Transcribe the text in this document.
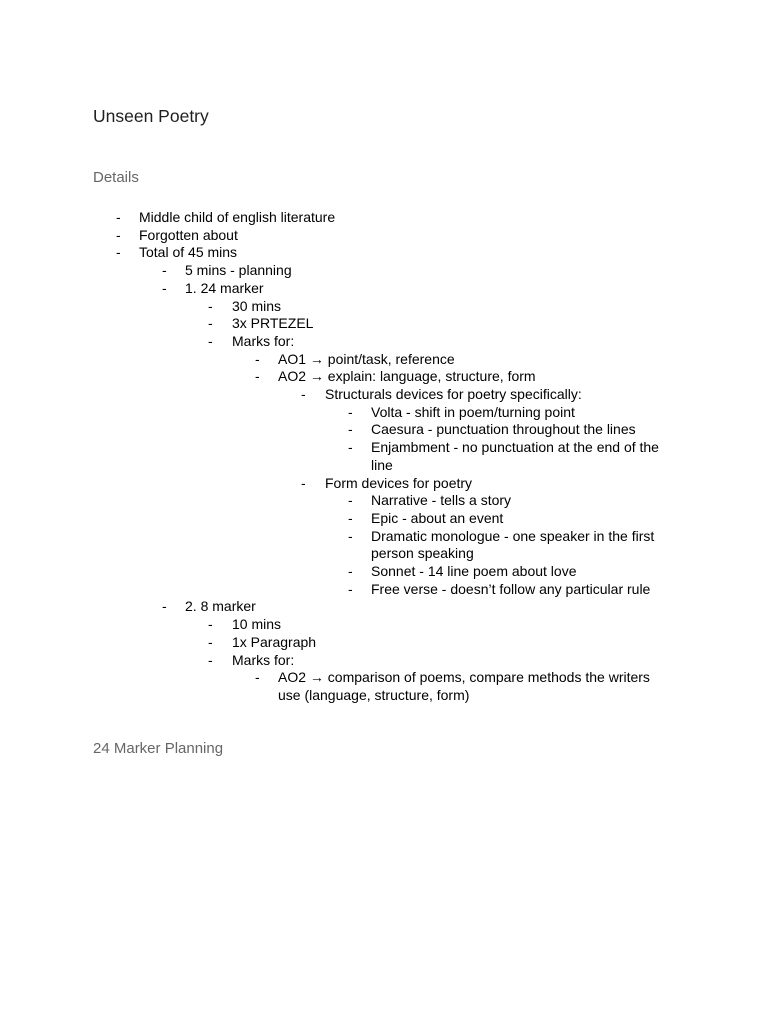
Unseen Poetry
Details
-	Middle child of english literature
-	Forgotten about
-	Total of 45 mins
-	5 mins - planning
-	1. 24 marker
-	30 mins
-	3x PRTEZEL
-	Marks for:
-	AO1 → point/task, reference
-	AO2 → explain: language, structure, form
-	Structurals devices for poetry specifically:
-	Volta - shift in poem/turning point
-	Caesura - punctuation throughout the lines
-	Enjambment - no punctuation at the end of the line
-	Form devices for poetry
-	Narrative - tells a story
-	Epic - about an event
-	Dramatic monologue - one speaker in the first person speaking
-	Sonnet - 14 line poem about love
-	Free verse - doesn’t follow any particular rule
-	2. 8 marker
-	10 mins
-	1x Paragraph
-	Marks for:
-	AO2 → comparison of poems, compare methods the writers use (language, structure, form)
24 Marker Planning
